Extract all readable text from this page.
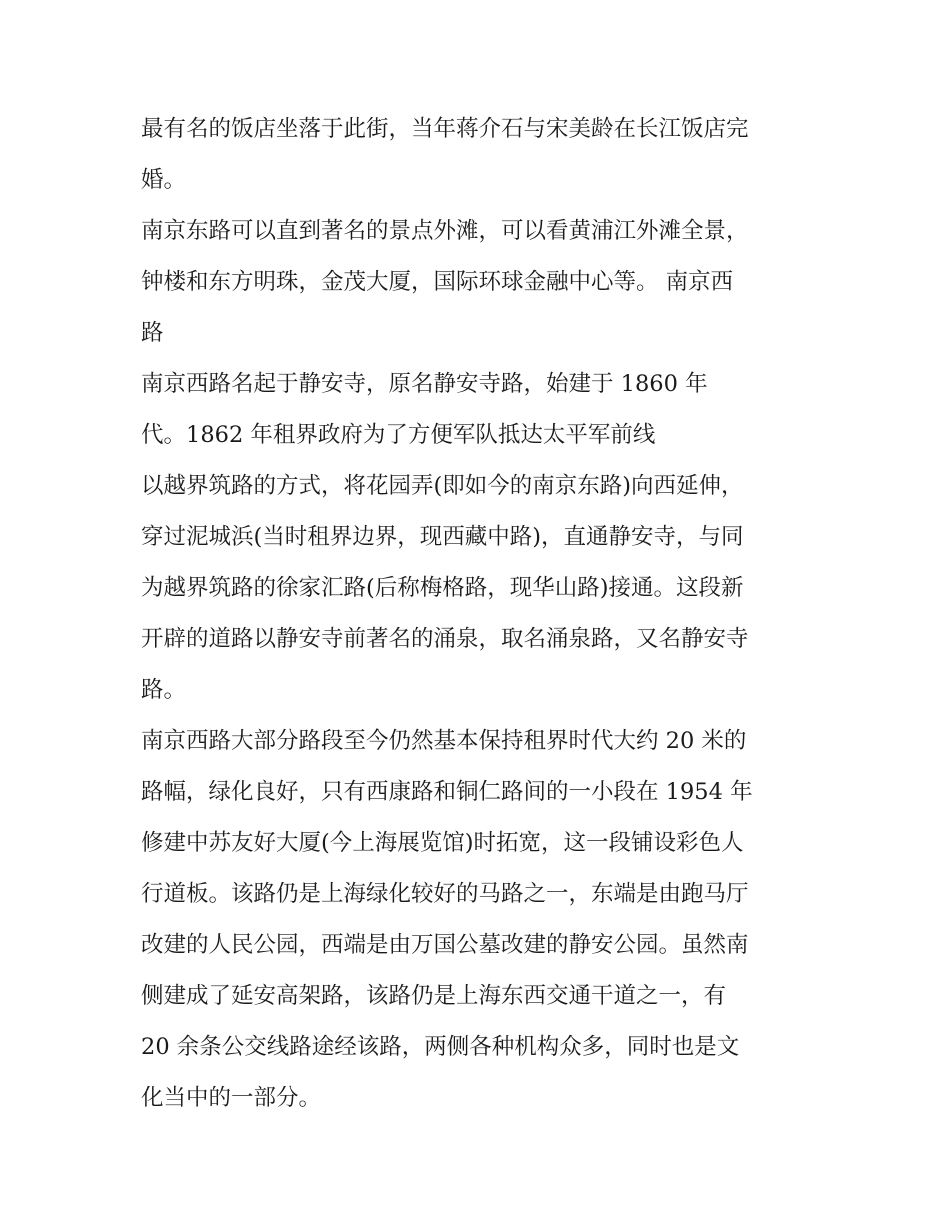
最有名的饭店坐落于此街，当年蒋介石与宋美龄在长江饭店完
婚。
南京东路可以直到著名的景点外滩，可以看黄浦江外滩全景，
钟楼和东方明珠，金茂大厦，国际环球金融中心等。 南京西
路
南京西路名起于静安寺，原名静安寺路，始建于 1860 年
代。1862 年租界政府为了方便军队抵达太平军前线
以越界筑路的方式，将花园弄(即如今的南京东路)向西延伸，
穿过泥城浜(当时租界边界，现西藏中路)，直通静安寺，与同
为越界筑路的徐家汇路(后称梅格路，现华山路)接通。这段新
开辟的道路以静安寺前著名的涌泉，取名涌泉路，又名静安寺
路。
南京西路大部分路段至今仍然基本保持租界时代大约 20 米的
路幅，绿化良好，只有西康路和铜仁路间的一小段在 1954 年
修建中苏友好大厦(今上海展览馆)时拓宽，这一段铺设彩色人
行道板。该路仍是上海绿化较好的马路之一，东端是由跑马厅
改建的人民公园，西端是由万国公墓改建的静安公园。虽然南
侧建成了延安高架路，该路仍是上海东西交通干道之一，有
20 余条公交线路途经该路，两侧各种机构众多，同时也是文
化当中的一部分。
